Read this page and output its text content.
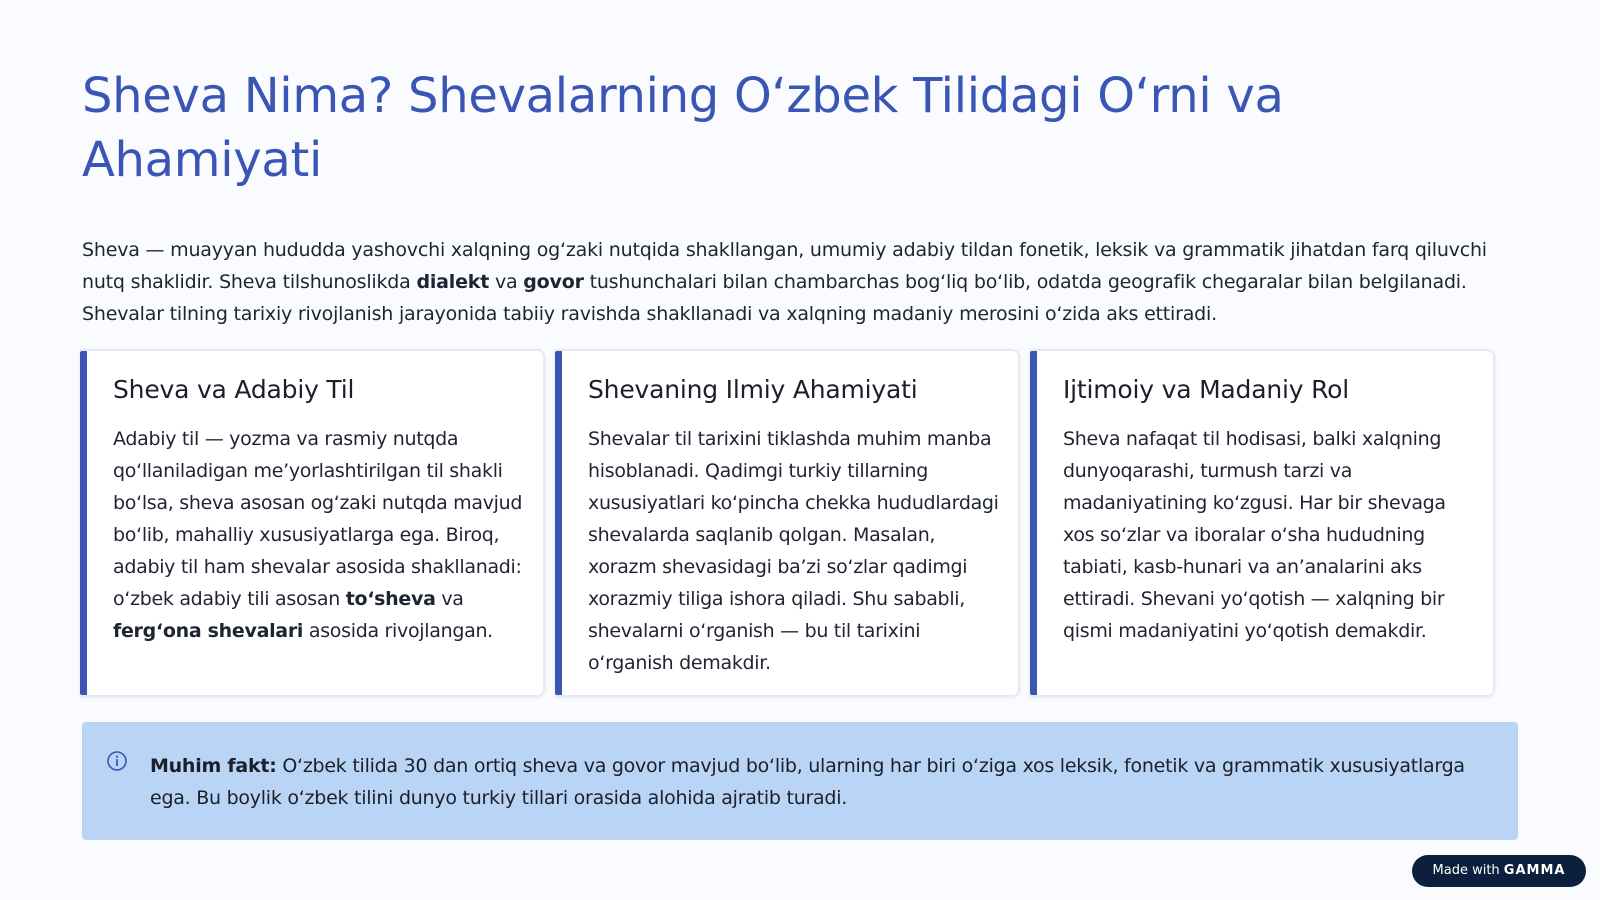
Sheva Nima? Shevalarning O‘zbek Tilidagi O‘rni va Ahamiyati

Sheva — muayyan hududda yashovchi xalqning og‘zaki nutqida shakllangan, umumiy adabiy tildan fonetik, leksik va grammatik jihatdan farq qiluvchi nutq shaklidir. Sheva tilshunoslikda dialekt va govor tushunchalari bilan chambarchas bog‘liq bo‘lib, odatda geografik chegaralar bilan belgilanadi. Shevalar tilning tarixiy rivojlanish jarayonida tabiiy ravishda shakllanadi va xalqning madaniy merosini o‘zida aks ettiradi.

Sheva va Adabiy Til

Adabiy til — yozma va rasmiy nutqda qo‘llaniladigan me’yorlashtirilgan til shakli bo‘lsa, sheva asosan og‘zaki nutqda mavjud bo‘lib, mahalliy xususiyatlarga ega. Biroq, adabiy til ham shevalar asosida shakllanadi: o‘zbek adabiy tili asosan to‘sheva va ferg‘ona shevalari asosida rivojlangan.

Shevaning Ilmiy Ahamiyati

Shevalar til tarixini tiklashda muhim manba hisoblanadi. Qadimgi turkiy tillarning xususiyatlari ko‘pincha chekka hududlardagi shevalarda saqlanib qolgan. Masalan, xorazm shevasidagi ba’zi so‘zlar qadimgi xorazmiy tiliga ishora qiladi. Shu sababli, shevalarni o‘rganish — bu til tarixini o‘rganish demakdir.

Ijtimoiy va Madaniy Rol

Sheva nafaqat til hodisasi, balki xalqning dunyoqarashi, turmush tarzi va madaniyatining ko‘zgusi. Har bir shevaga xos so‘zlar va iboralar o‘sha hududning tabiati, kasb-hunari va an’analarini aks ettiradi. Shevani yo‘qotish — xalqning bir qismi madaniyatini yo‘qotish demakdir.

Muhim fakt: O‘zbek tilida 30 dan ortiq sheva va govor mavjud bo‘lib, ularning har biri o‘ziga xos leksik, fonetik va grammatik xususiyatlarga ega. Bu boylik o‘zbek tilini dunyo turkiy tillari orasida alohida ajratib turadi.

Made with GAMMA
